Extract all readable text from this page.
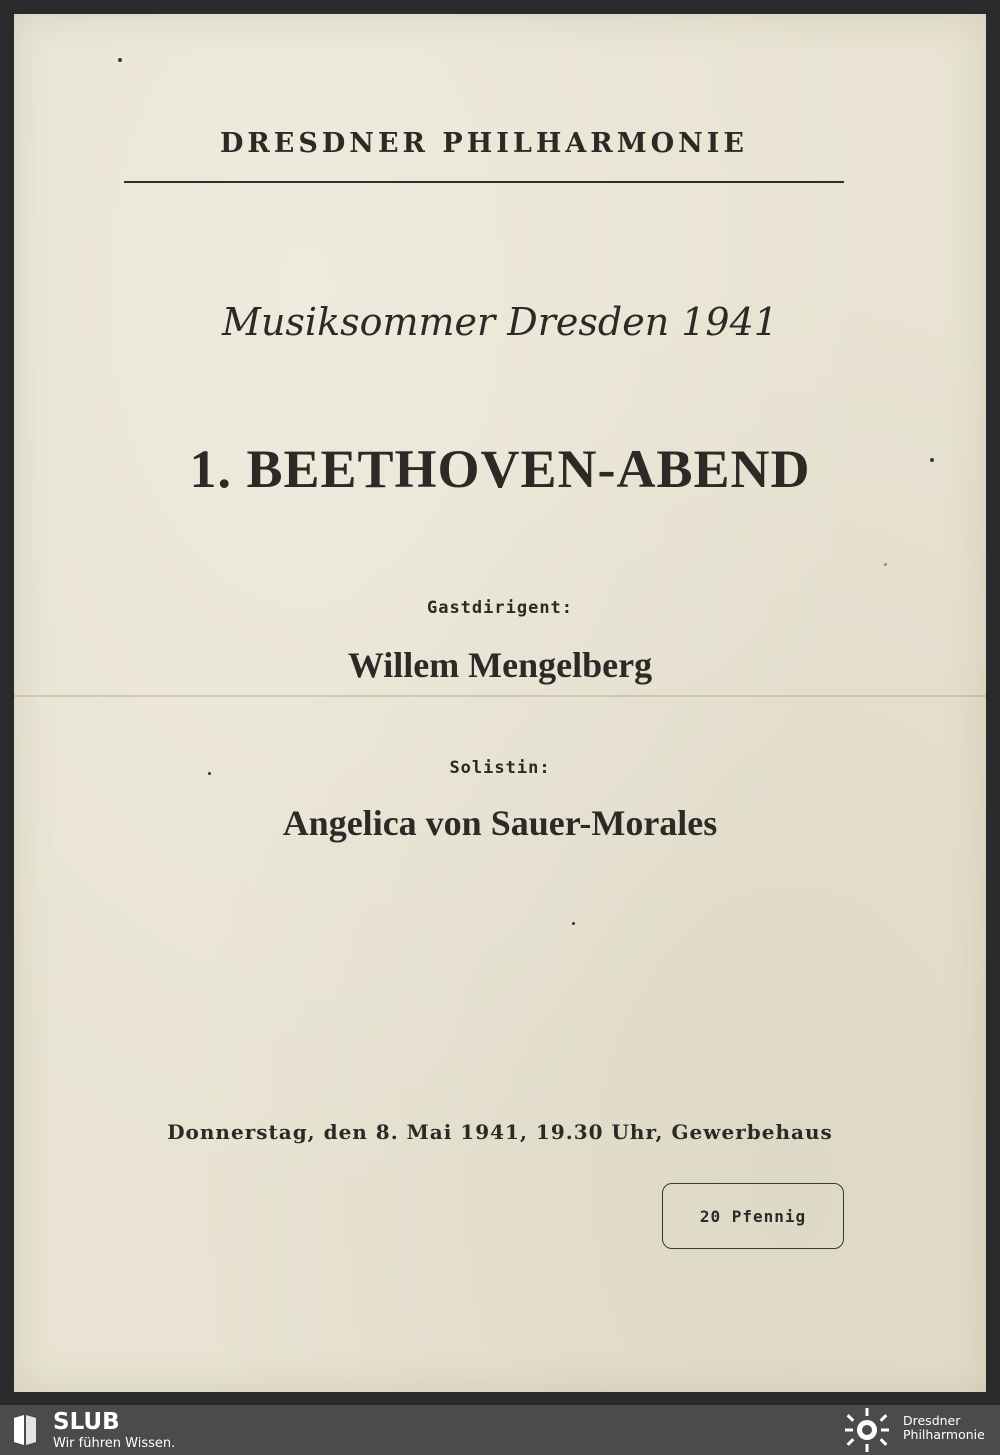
DRESDNER PHILHARMONIE

Musiksommer Dresden 1941

1. BEETHOVEN-ABEND

Gastdirigent:

Willem Mengelberg

Solistin:

Angelica von Sauer-Morales

Donnerstag, den 8. Mai 1941, 19.30 Uhr, Gewerbehaus

20 Pfennig

SLUB

Wir führen Wissen.

Dresdner
Philharmonie
